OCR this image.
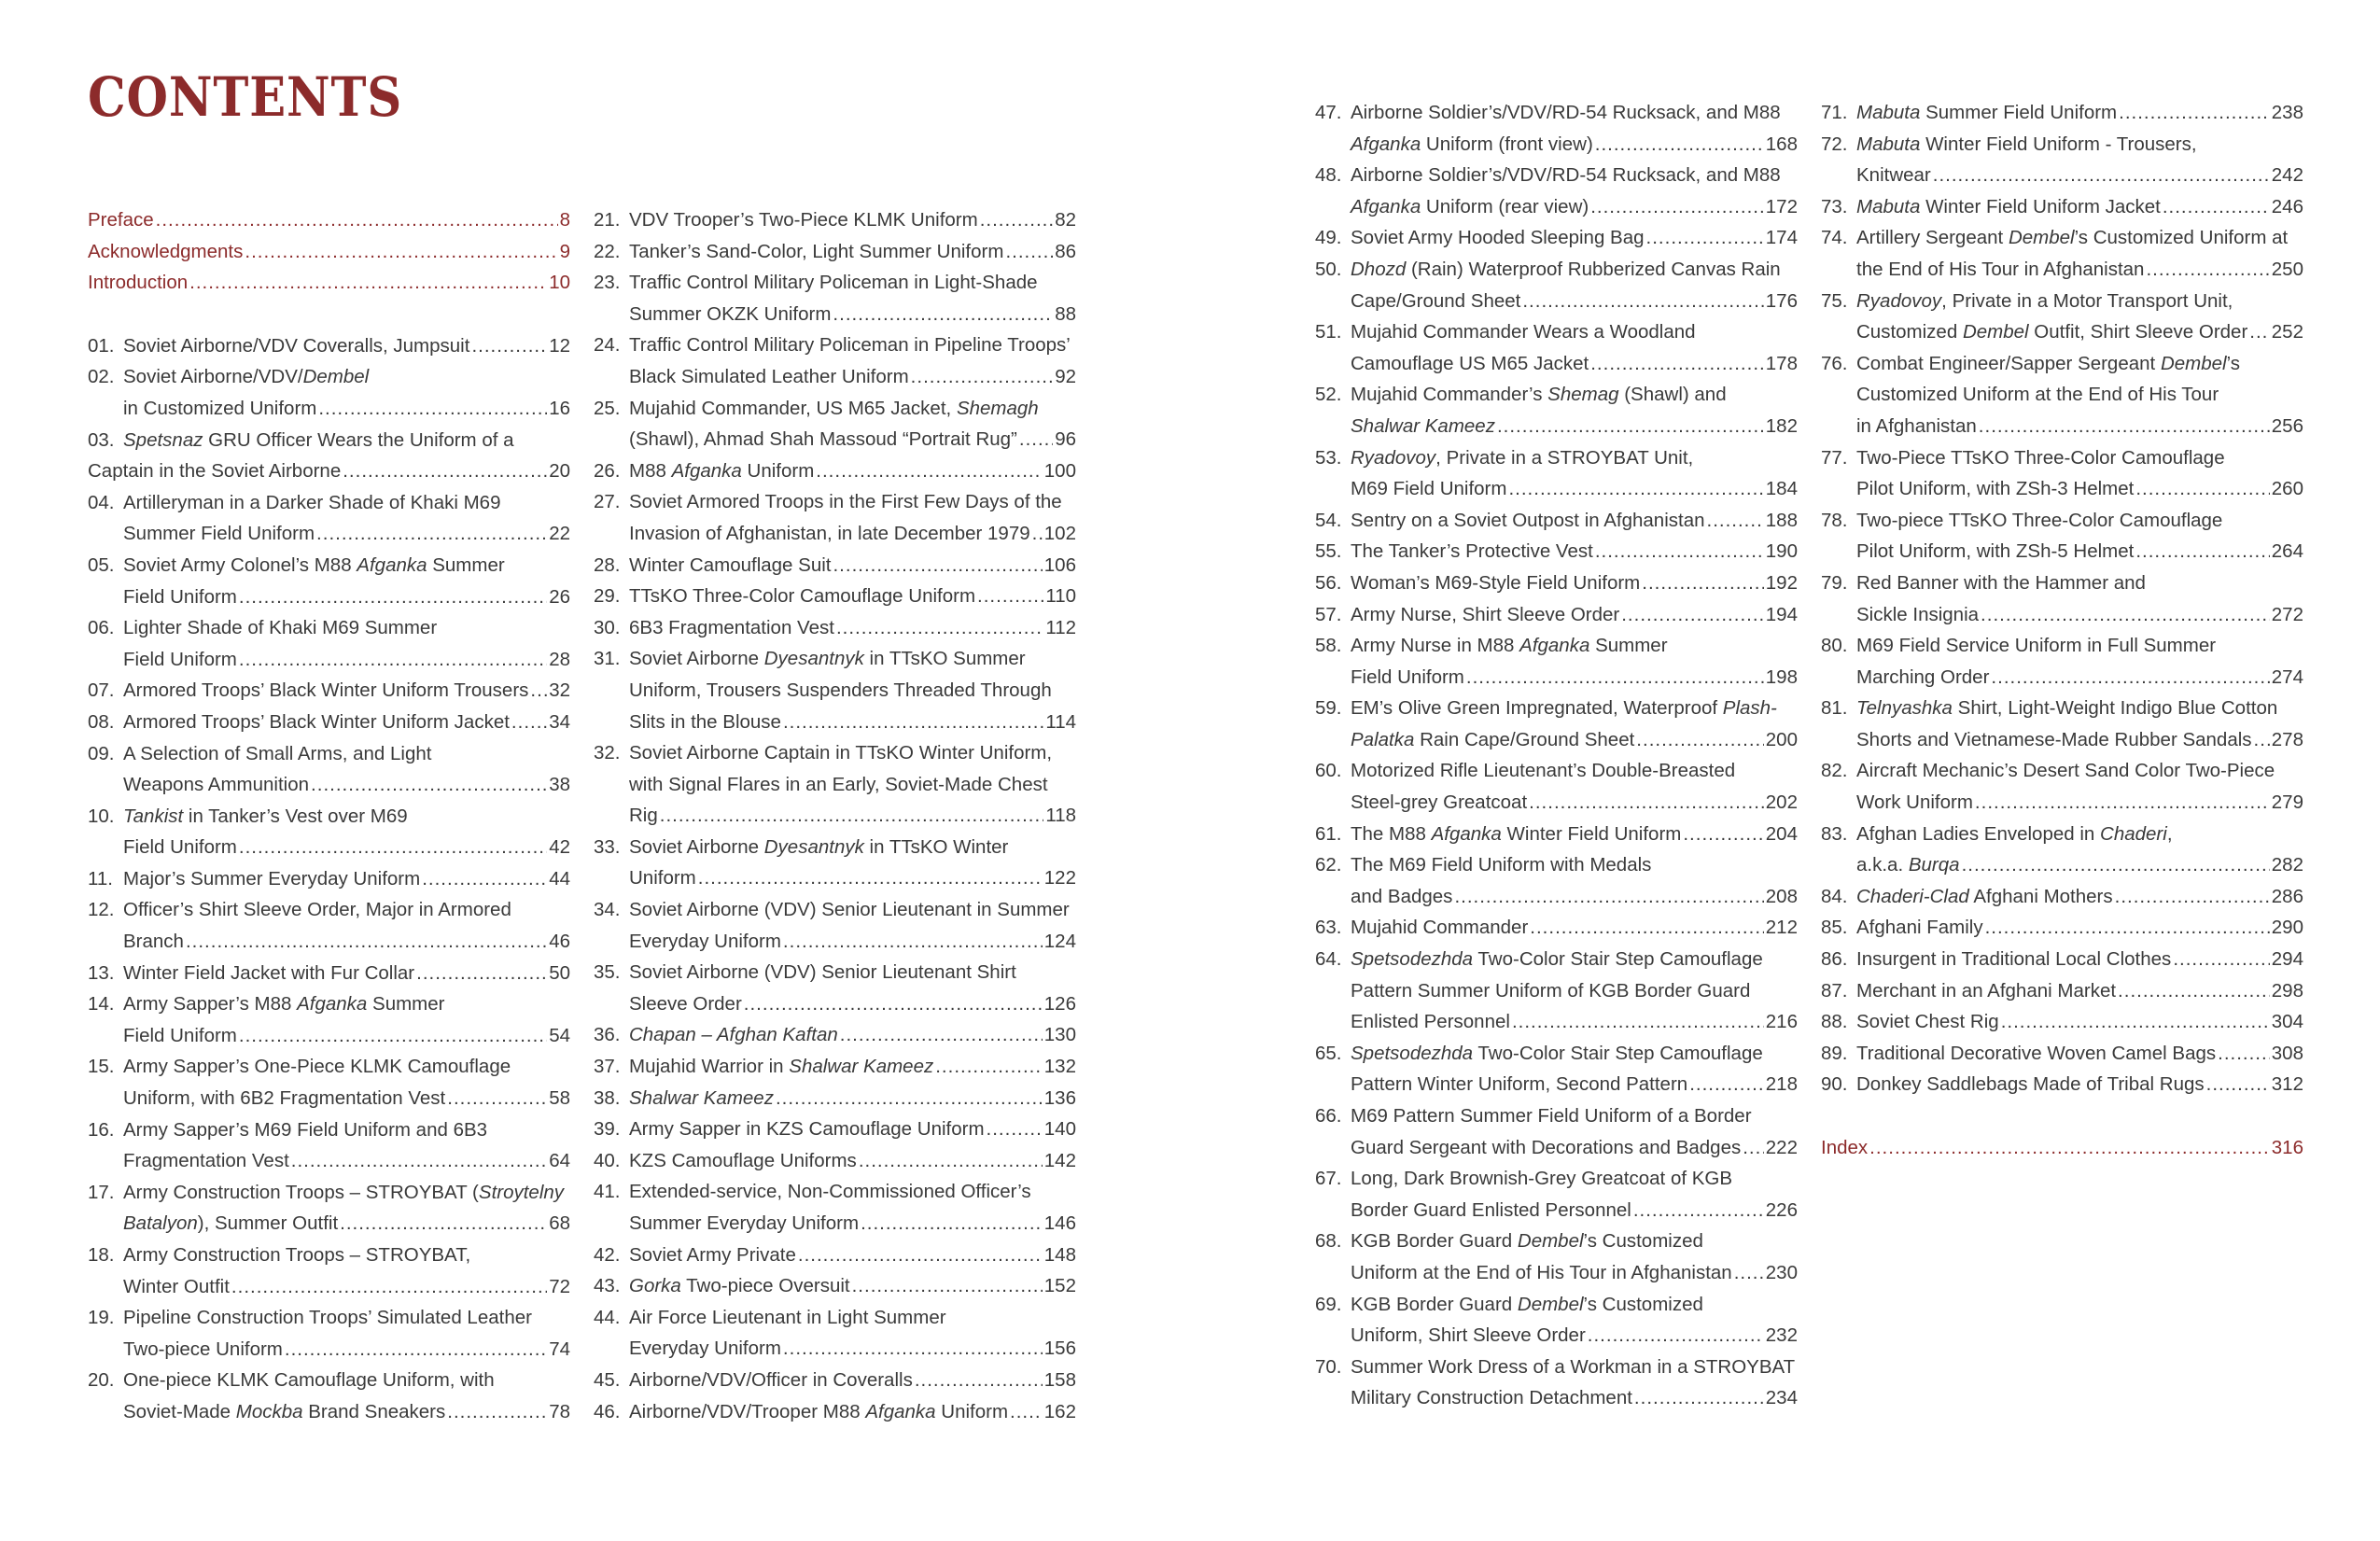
CONTENTS
Preface .....	8
Acknowledgments .....	9
Introduction .....	10
01. Soviet Airborne/VDV Coveralls, Jumpsuit .....	12
02. Soviet Airborne/VDV/Dembel
in Customized Uniform .....	16
03. Spetsnaz GRU Officer Wears the Uniform of a
Captain in the Soviet Airborne .....	20
04. Artilleryman in a Darker Shade of Khaki M69
Summer Field Uniform .....	22
05. Soviet Army Colonel’s M88 Afganka Summer
Field Uniform .....	26
06. Lighter Shade of Khaki M69 Summer
Field Uniform .....	28
07. Armored Troops’ Black Winter Uniform Trousers ..... 32
08. Armored Troops’ Black Winter Uniform Jacket ..... 34
09. A Selection of Small Arms, and Light
Weapons Ammunition .....	38
10. Tankist in Tanker’s Vest over M69
Field Uniform .....	42
11. Major’s Summer Everyday Uniform .....	44
12. Officer’s Shirt Sleeve Order, Major in Armored
Branch .....	46
13. Winter Field Jacket with Fur Collar .....	50
14. Army Sapper’s M88 Afganka Summer
Field Uniform .....	54
15. Army Sapper’s One-Piece KLMK Camouflage
Uniform, with 6B2 Fragmentation Vest .....	58
16. Army Sapper’s M69 Field Uniform and 6B3
Fragmentation Vest .....	64
17. Army Construction Troops – STROYBAT (Stroytelny
Batalyon), Summer Outfit .....	68
18. Army Construction Troops – STROYBAT,
Winter Outfit .....	72
19. Pipeline Construction Troops’ Simulated Leather
Two-piece Uniform .....	74
20. One-piece KLMK Camouflage Uniform, with
Soviet-Made Mockba Brand Sneakers .....	78
21. VDV Trooper’s Two-Piece KLMK Uniform .....	82
22. Tanker’s Sand-Color, Light Summer Uniform .....	86
23. Traffic Control Military Policeman in Light-Shade
Summer OKZK Uniform .....	88
24. Traffic Control Military Policeman in Pipeline Troops’
Black Simulated Leather Uniform .....	92
25. Mujahid Commander, US M65 Jacket, Shemagh
(Shawl), Ahmad Shah Massoud “Portrait Rug” ..... 96
26. M88 Afganka Uniform .....	100
27. Soviet Armored Troops in the First Few Days of the
Invasion of Afghanistan, in late December 1979 ..... 102
28. Winter Camouflage Suit .....	106
29. TTsKO Three-Color Camouflage Uniform .....	110
30. 6B3 Fragmentation Vest .....	112
31. Soviet Airborne Dyesantnyk in TTsKO Summer
Uniform, Trousers Suspenders Threaded Through
Slits in the Blouse .....	114
32. Soviet Airborne Captain in TTsKO Winter Uniform,
with Signal Flares in an Early, Soviet-Made Chest
Rig .....	118
33. Soviet Airborne Dyesantnyk in TTsKO Winter
Uniform .....	122
34. Soviet Airborne (VDV) Senior Lieutenant in Summer
Everyday Uniform .....	124
35. Soviet Airborne (VDV) Senior Lieutenant Shirt
Sleeve Order .....	126
36. Chapan – Afghan Kaftan .....	130
37. Mujahid Warrior in Shalwar Kameez .....	132
38. Shalwar Kameez .....	136
39. Army Sapper in KZS Camouflage Uniform .....	140
40. KZS Camouflage Uniforms .....	142
41. Extended-service, Non-Commissioned Officer’s
Summer Everyday Uniform .....	146
42. Soviet Army Private .....	148
43. Gorka Two-piece Oversuit .....	152
44. Air Force Lieutenant in Light Summer
Everyday Uniform .....	156
45. Airborne/VDV/Officer in Coveralls .....	158
46. Airborne/VDV/Trooper M88 Afganka Uniform ..... 162
47. Airborne Soldier’s/VDV/RD-54 Rucksack, and M88
Afganka Uniform (front view) .....	168
48. Airborne Soldier’s/VDV/RD-54 Rucksack, and M88
Afganka Uniform (rear view) .....	172
49. Soviet Army Hooded Sleeping Bag .....	174
50. Dhozd (Rain) Waterproof Rubberized Canvas Rain
Cape/Ground Sheet .....	176
51. Mujahid Commander Wears a Woodland
Camouflage US M65 Jacket .....	178
52. Mujahid Commander’s Shemag (Shawl) and
Shalwar Kameez .....	182
53. Ryadovoy, Private in a STROYBAT Unit,
M69 Field Uniform .....	184
54. Sentry on a Soviet Outpost in Afghanistan .....	188
55. The Tanker’s Protective Vest .....	190
56. Woman’s M69-Style Field Uniform .....	192
57. Army Nurse, Shirt Sleeve Order .....	194
58. Army Nurse in M88 Afganka Summer
Field Uniform .....	198
59. EM’s Olive Green Impregnated, Waterproof Plash-
Palatka Rain Cape/Ground Sheet .....	200
60. Motorized Rifle Lieutenant’s Double-Breasted
Steel-grey Greatcoat .....	202
61. The M88 Afganka Winter Field Uniform .....	204
62. The M69 Field Uniform with Medals
and Badges .....	208
63. Mujahid Commander .....	212
64. Spetsodezhda Two-Color Stair Step Camouflage
Pattern Summer Uniform of KGB Border Guard
Enlisted Personnel .....	216
65. Spetsodezhda Two-Color Stair Step Camouflage
Pattern Winter Uniform, Second Pattern .....	218
66. M69 Pattern Summer Field Uniform of a Border
Guard Sergeant with Decorations and Badges ..... 222
67. Long, Dark Brownish-Grey Greatcoat of KGB
Border Guard Enlisted Personnel .....	226
68. KGB Border Guard Dembel’s Customized
Uniform at the End of His Tour in Afghanistan ..... 230
69. KGB Border Guard Dembel’s Customized
Uniform, Shirt Sleeve Order .....	232
70. Summer Work Dress of a Workman in a STROYBAT
Military Construction Detachment .....	234
71. Mabuta Summer Field Uniform .....	238
72. Mabuta Winter Field Uniform - Trousers,
Knitwear .....	242
73. Mabuta Winter Field Uniform Jacket .....	246
74. Artillery Sergeant Dembel’s Customized Uniform at
the End of His Tour in Afghanistan .....	250
75. Ryadovoy, Private in a Motor Transport Unit,
Customized Dembel Outfit, Shirt Sleeve Order ..... 252
76. Combat Engineer/Sapper Sergeant Dembel’s
Customized Uniform at the End of His Tour
in Afghanistan .....	256
77. Two-Piece TTsKO Three-Color Camouflage
Pilot Uniform, with ZSh-3 Helmet .....	260
78. Two-piece TTsKO Three-Color Camouflage
Pilot Uniform, with ZSh-5 Helmet .....	264
79. Red Banner with the Hammer and
Sickle Insignia .....	272
80. M69 Field Service Uniform in Full Summer
Marching Order .....	274
81. Telnyashka Shirt, Light-Weight Indigo Blue Cotton
Shorts and Vietnamese-Made Rubber Sandals ..... 278
82. Aircraft Mechanic’s Desert Sand Color Two-Piece
Work Uniform .....	279
83. Afghan Ladies Enveloped in Chaderi,
a.k.a. Burqa .....	282
84. Chaderi-Clad Afghani Mothers .....	286
85. Afghani Family .....	290
86. Insurgent in Traditional Local Clothes .....	294
87. Merchant in an Afghani Market .....	298
88. Soviet Chest Rig .....	304
89. Traditional Decorative Woven Camel Bags .....	308
90. Donkey Saddlebags Made of Tribal Rugs .....	312
Index .....	316
